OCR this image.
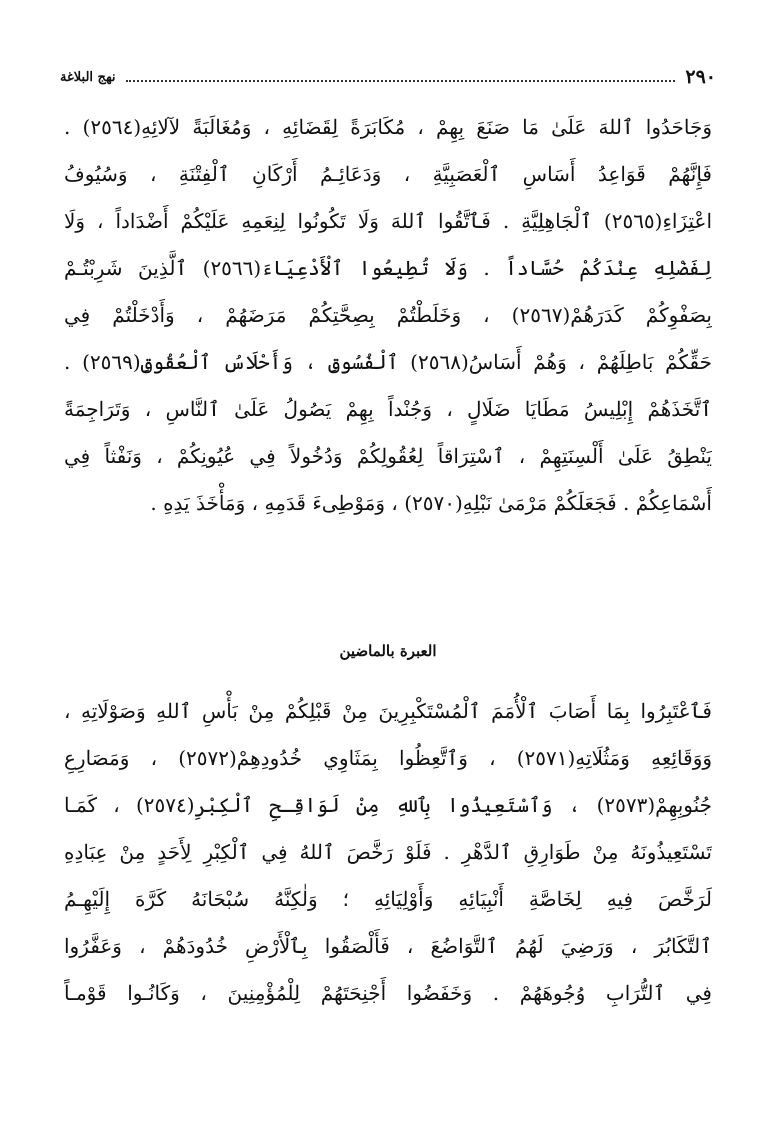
٢٩٠
نهج البلاغة
وَجَاحَدُوا ٱللهَ عَلَىٰ مَا صَنَعَ بِهِمْ ، مُكَابَرَةً لِقَضَائِهِ ، وَمُغَالَبَةً لآلائِهِ(٢٥٦٤) .
فَإِنَّهُمْ قَوَاعِدُ أَسَاسِ ٱلْعَصَبِيَّةِ ، وَدَعَائِـمُ أَرْكَانِ ٱلْفِتْنَةِ ، وَسُيُوفُ
اعْتِزَاءِ(٢٥٦٥) ٱلْجَاهِلِيَّةِ . فَٱتَّقُوا ٱللهَ وَلَا تَكُونُوا لِنِعَمِهِ عَلَيْكُمْ أَضْدَاداً ، وَلَا
لِفَضْلِهِ عِنْدَكُمْ حُسَّاداً . وَلَا تُطِيعُوا ٱلْأَدْعِيَاءَ(٢٥٦٦) ٱلَّذِينَ شَرِبْتُـمْ
بِصَفْوِكُمْ كَدَرَهُمْ(٢٥٦٧) ، وَخَلَطْتُمْ بِصِحَّتِكُمْ مَرَضَهُمْ ، وَأَدْخَلْتُمْ فِي
حَقِّكُمْ بَاطِلَهُمْ ، وَهُمْ أَسَاسُ(٢٥٦٨) ٱلْفُسُوقِ ، وَأَحْلَاسُ ٱلْعُقُوقِ(٢٥٦٩) .
ٱتَّخَذَهُمْ إِبْلِيسُ مَطَايَا ضَلَالٍ ، وَجُنْداً بِهِمْ يَصُولُ عَلَىٰ ٱلنَّاسِ ، وَتَرَاجِمَةً
يَنْطِقُ عَلَىٰ أَلْسِنَتِهِمْ ، ٱسْتِرَاقاً لِعُقُولِكُمْ وَدُخُولاً فِي عُيُونِكُمْ ، وَنَفْثاً فِي
أَسْمَاعِكُمْ . فَجَعَلَكُمْ مَرْمَىٰ نَبْلِهِ(٢٥٧٠) ، وَمَوْطِىءَ قَدَمِهِ ، وَمَأْخَذَ يَدِهِ .
العبرة بالماضين
فَٱعْتَبِرُوا بِمَا أَصَابَ ٱلْأُمَمَ ٱلْمُسْتَكْبِرِينَ مِنْ قَبْلِكُمْ مِنْ بَأْسِ ٱللهِ وَصَوْلَاتِهِ ،
وَوَقَائِعِهِ وَمَثُلَاتِهِ(٢٥٧١) ، وَٱتَّعِظُوا بِمَثَاوِي خُدُودِهِمْ(٢٥٧٢) ، وَمَصَارِعِ
جُنُوبِهِمْ(٢٥٧٣) ، وَٱسْتَعِيذُوا بِٱللهِ مِنْ لَوَاقِـحِ ٱلْكِبْرِ(٢٥٧٤) ، كَمَـا
تَسْتَعِيذُونَهُ مِنْ طَوَارِقِ ٱلدَّهْرِ . فَلَوْ رَخَّصَ ٱللهُ فِي ٱلْكِبْرِ لِأَحَدٍ مِنْ عِبَادِهِ
لَرَخَّصَ فِيهِ لِخَاصَّةِ أَنْبِيَائِهِ وَأَوْلِيَائِهِ ؛ وَلٰكِنَّهُ سُبْحَانَهُ كَرَّهَ إِلَيْهِـمُ
ٱلتَّكَابُرَ ، وَرَضِيَ لَهُمُ ٱلتَّوَاضُعَ ، فَأَلْصَقُوا بِٱلْأَرْضِ خُدُودَهُمْ ، وَعَفَّرُوا
فِي ٱلتُّرَابِ وُجُوهَهُمْ . وَخَفَضُوا أَجْنِحَتَهُمْ لِلْمُؤْمِنِينَ ، وَكَانُـوا قَوْمـاً
